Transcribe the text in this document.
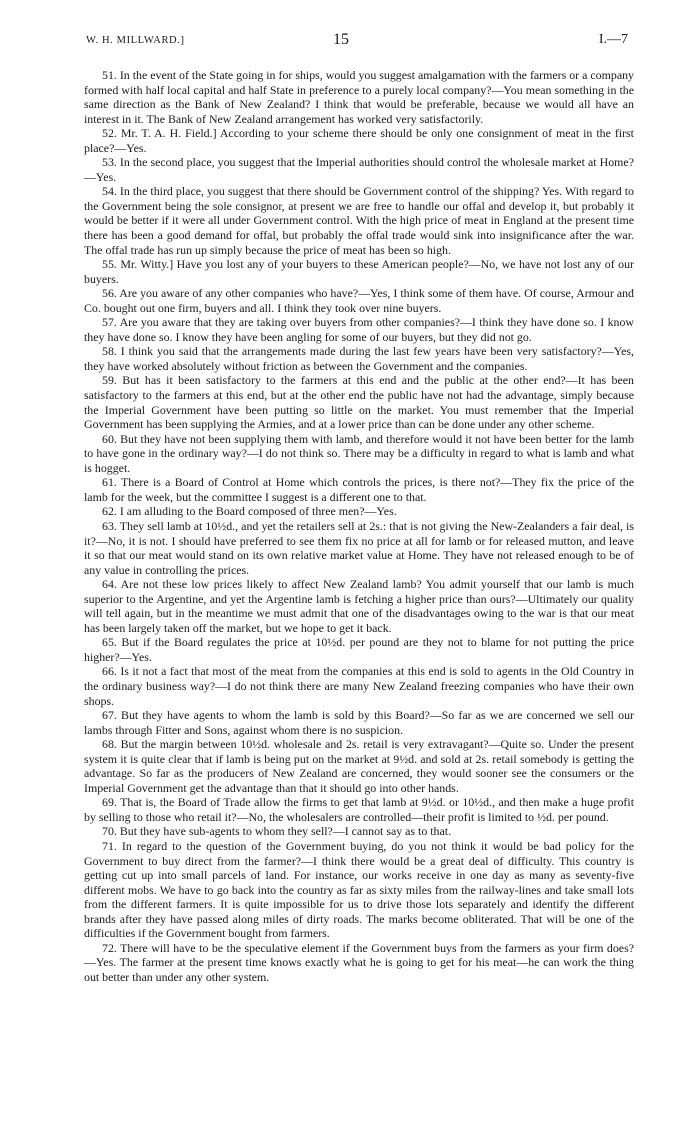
W. H. MILLWARD.]	15	I.—7

51. In the event of the State going in for ships, would you suggest amalgamation with the farmers or a company formed with half local capital and half State in preference to a purely local company?—You mean something in the same direction as the Bank of New Zealand? I think that would be preferable, because we would all have an interest in it. The Bank of New Zealand arrangement has worked very satisfactorily.

52. Mr. T. A. H. Field.] According to your scheme there should be only one consignment of meat in the first place?—Yes.

53. In the second place, you suggest that the Imperial authorities should control the wholesale market at Home?—Yes.

54. In the third place, you suggest that there should be Government control of the shipping? Yes. With regard to the Government being the sole consignor, at present we are free to handle our offal and develop it, but probably it would be better if it were all under Government control. With the high price of meat in England at the present time there has been a good demand for offal, but probably the offal trade would sink into insignificance after the war. The offal trade has run up simply because the price of meat has been so high.

55. Mr. Witty.] Have you lost any of your buyers to these American people?—No, we have not lost any of our buyers.

56. Are you aware of any other companies who have?—Yes, I think some of them have. Of course, Armour and Co. bought out one firm, buyers and all. I think they took over nine buyers.

57. Are you aware that they are taking over buyers from other companies?—I think they have done so. I know they have done so. I know they have been angling for some of our buyers, but they did not go.

58. I think you said that the arrangements made during the last few years have been very satisfactory?—Yes, they have worked absolutely without friction as between the Government and the companies.

59. But has it been satisfactory to the farmers at this end and the public at the other end?—It has been satisfactory to the farmers at this end, but at the other end the public have not had the advantage, simply because the Imperial Government have been putting so little on the market. You must remember that the Imperial Government has been supplying the Armies, and at a lower price than can be done under any other scheme.

60. But they have not been supplying them with lamb, and therefore would it not have been better for the lamb to have gone in the ordinary way?—I do not think so. There may be a difficulty in regard to what is lamb and what is hogget.

61. There is a Board of Control at Home which controls the prices, is there not?—They fix the price of the lamb for the week, but the committee I suggest is a different one to that.

62. I am alluding to the Board composed of three men?—Yes.

63. They sell lamb at 10½d., and yet the retailers sell at 2s.: that is not giving the New-Zealanders a fair deal, is it?—No, it is not. I should have preferred to see them fix no price at all for lamb or for released mutton, and leave it so that our meat would stand on its own relative market value at Home. They have not released enough to be of any value in controlling the prices.

64. Are not these low prices likely to affect New Zealand lamb? You admit yourself that our lamb is much superior to the Argentine, and yet the Argentine lamb is fetching a higher price than ours?—Ultimately our quality will tell again, but in the meantime we must admit that one of the disadvantages owing to the war is that our meat has been largely taken off the market, but we hope to get it back.

65. But if the Board regulates the price at 10½d. per pound are they not to blame for not putting the price higher?—Yes.

66. Is it not a fact that most of the meat from the companies at this end is sold to agents in the Old Country in the ordinary business way?—I do not think there are many New Zealand freezing companies who have their own shops.

67. But they have agents to whom the lamb is sold by this Board?—So far as we are concerned we sell our lambs through Fitter and Sons, against whom there is no suspicion.

68. But the margin between 10½d. wholesale and 2s. retail is very extravagant?—Quite so. Under the present system it is quite clear that if lamb is being put on the market at 9½d. and sold at 2s. retail somebody is getting the advantage. So far as the producers of New Zealand are concerned, they would sooner see the consumers or the Imperial Government get the advantage than that it should go into other hands.

69. That is, the Board of Trade allow the firms to get that lamb at 9½d. or 10½d., and then make a huge profit by selling to those who retail it?—No, the wholesalers are controlled—their profit is limited to ½d. per pound.

70. But they have sub-agents to whom they sell?—I cannot say as to that.

71. In regard to the question of the Government buying, do you not think it would be bad policy for the Government to buy direct from the farmer?—I think there would be a great deal of difficulty. This country is getting cut up into small parcels of land. For instance, our works receive in one day as many as seventy-five different mobs. We have to go back into the country as far as sixty miles from the railway-lines and take small lots from the different farmers. It is quite impossible for us to drive those lots separately and identify the different brands after they have passed along miles of dirty roads. The marks become obliterated. That will be one of the difficulties if the Government bought from farmers.

72. There will have to be the speculative element if the Government buys from the farmers as your firm does?—Yes. The farmer at the present time knows exactly what he is going to get for his meat—he can work the thing out better than under any other system.
